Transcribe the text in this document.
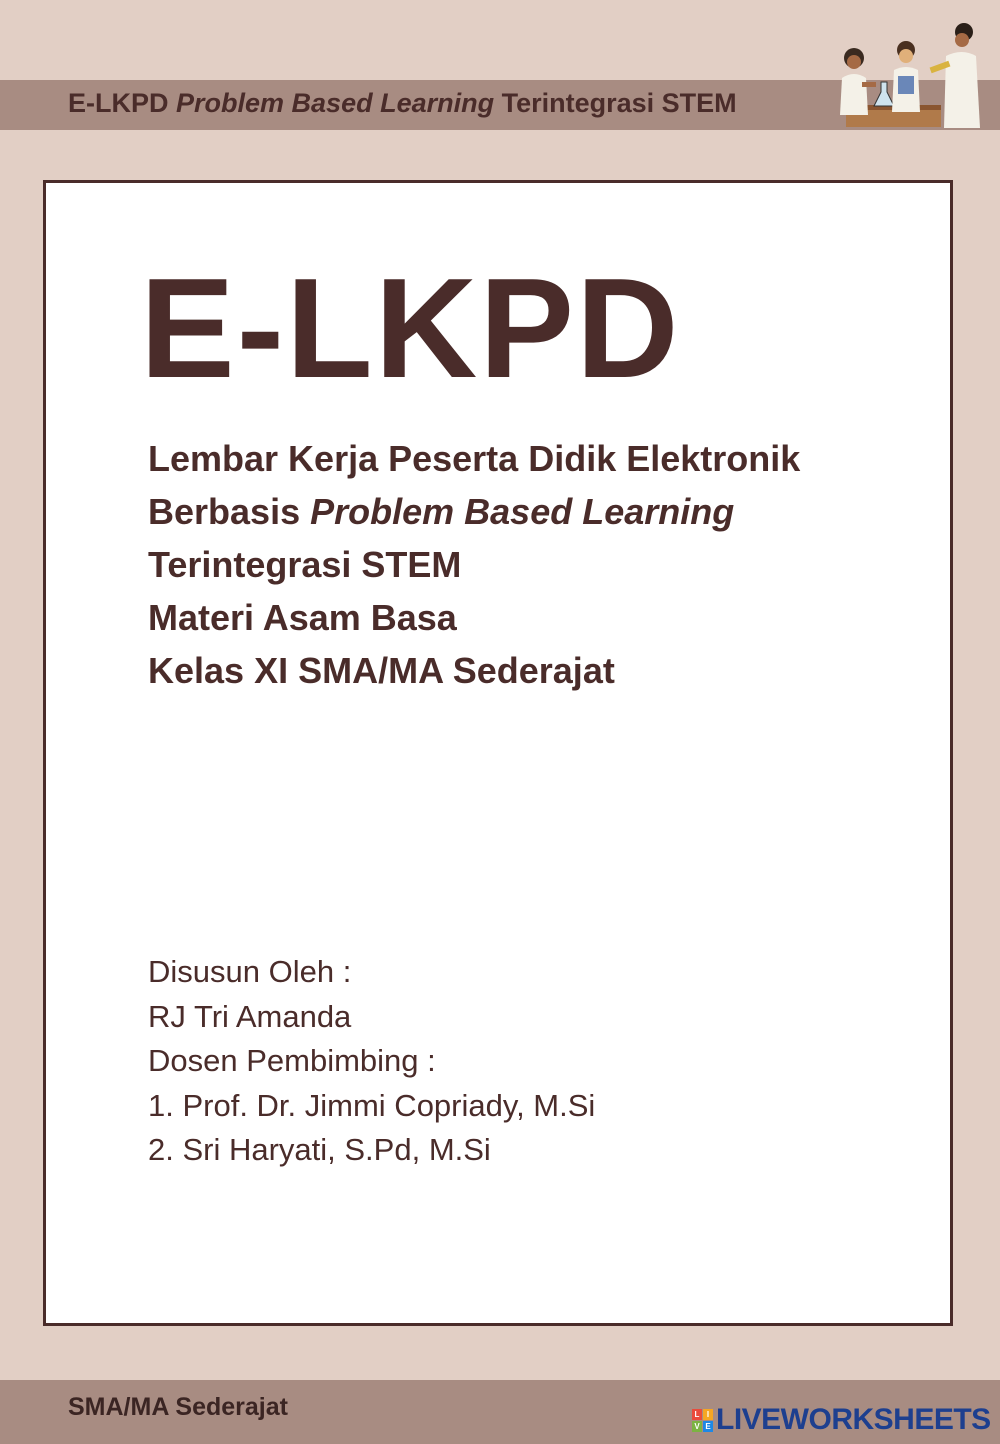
E-LKPD Problem Based Learning Terintegrasi STEM
E-LKPD
Lembar Kerja Peserta Didik Elektronik
Berbasis Problem Based Learning
Terintegrasi STEM
Materi Asam Basa
Kelas XI SMA/MA Sederajat
Disusun Oleh :
RJ Tri Amanda
Dosen Pembimbing :
1. Prof. Dr. Jimmi Copriady, M.Si
2. Sri Haryati, S.Pd, M.Si
SMA/MA Sederajat	L I
V E LIVEWORKSHEETS
